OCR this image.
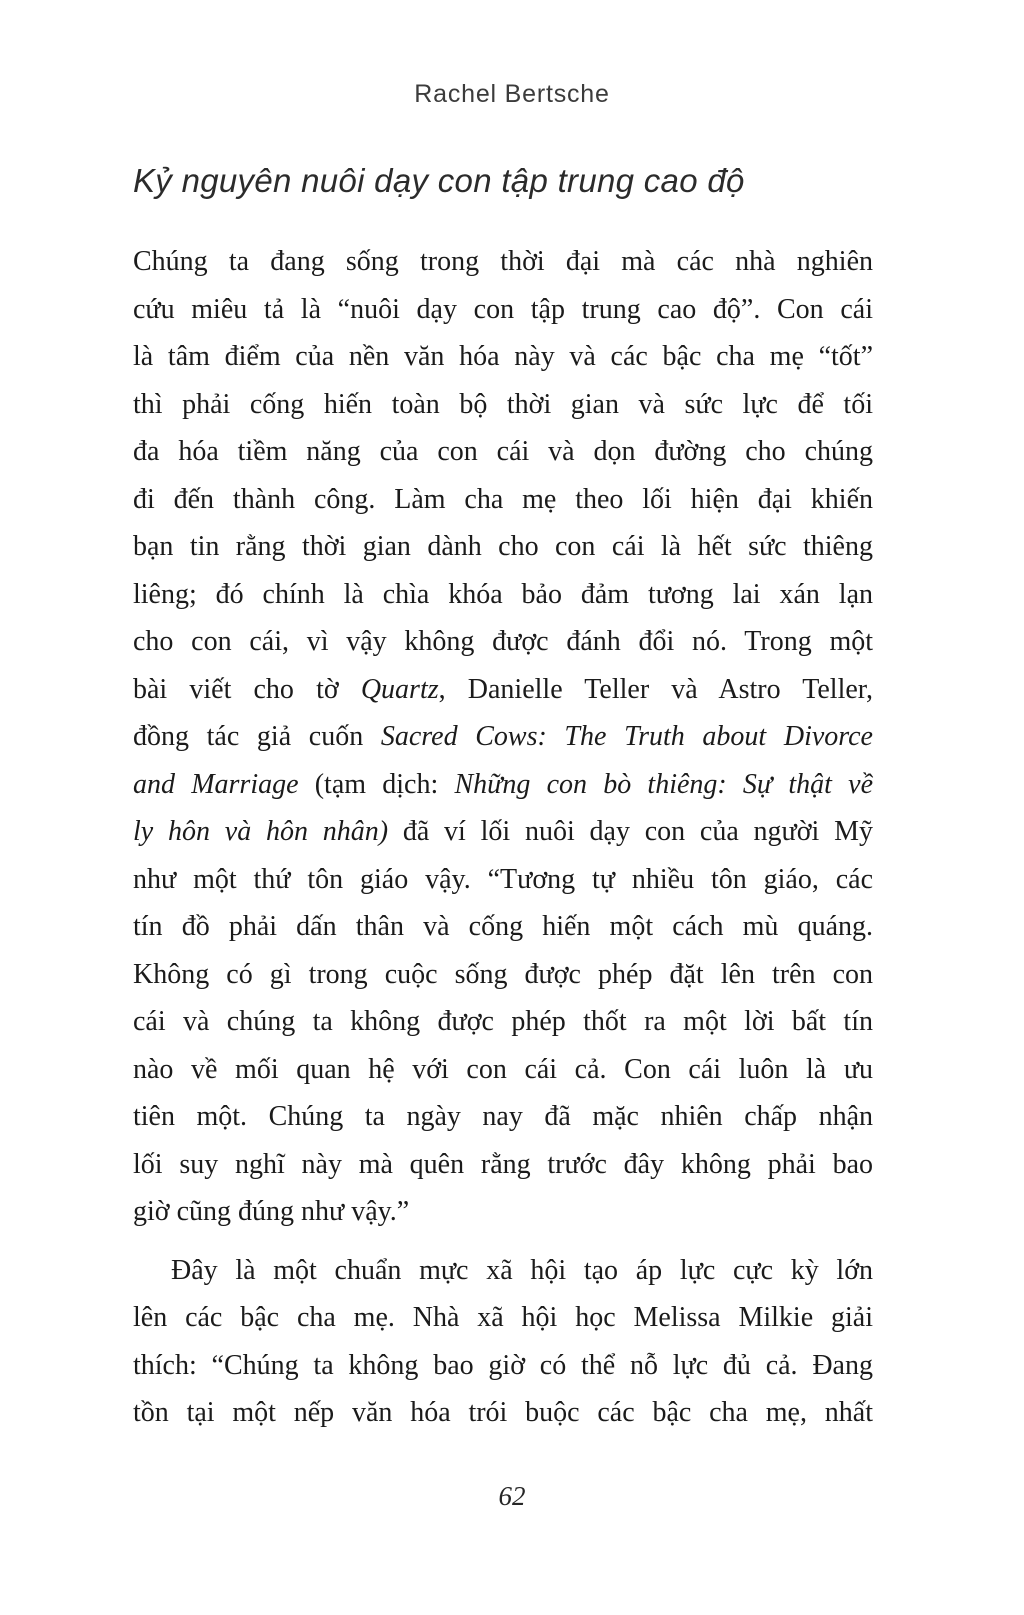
Rachel Bertsche
Kỷ nguyên nuôi dạy con tập trung cao độ
Chúng ta đang sống trong thời đại mà các nhà nghiên
cứu miêu tả là “nuôi dạy con tập trung cao độ”. Con cái
là tâm điểm của nền văn hóa này và các bậc cha mẹ “tốt”
thì phải cống hiến toàn bộ thời gian và sức lực để tối
đa hóa tiềm năng của con cái và dọn đường cho chúng
đi đến thành công. Làm cha mẹ theo lối hiện đại khiến
bạn tin rằng thời gian dành cho con cái là hết sức thiêng
liêng; đó chính là chìa khóa bảo đảm tương lai xán lạn
cho con cái, vì vậy không được đánh đổi nó. Trong một
bài viết cho tờ Quartz, Danielle Teller và Astro Teller,
đồng tác giả cuốn Sacred Cows: The Truth about Divorce
and Marriage (tạm dịch: Những con bò thiêng: Sự thật về
ly hôn và hôn nhân) đã ví lối nuôi dạy con của người Mỹ
như một thứ tôn giáo vậy. “Tương tự nhiều tôn giáo, các
tín đồ phải dấn thân và cống hiến một cách mù quáng.
Không có gì trong cuộc sống được phép đặt lên trên con
cái và chúng ta không được phép thốt ra một lời bất tín
nào về mối quan hệ với con cái cả. Con cái luôn là ưu
tiên một. Chúng ta ngày nay đã mặc nhiên chấp nhận
lối suy nghĩ này mà quên rằng trước đây không phải bao
giờ cũng đúng như vậy.”
Đây là một chuẩn mực xã hội tạo áp lực cực kỳ lớn
lên các bậc cha mẹ. Nhà xã hội học Melissa Milkie giải
thích: “Chúng ta không bao giờ có thể nỗ lực đủ cả. Đang
tồn tại một nếp văn hóa trói buộc các bậc cha mẹ, nhất
62
